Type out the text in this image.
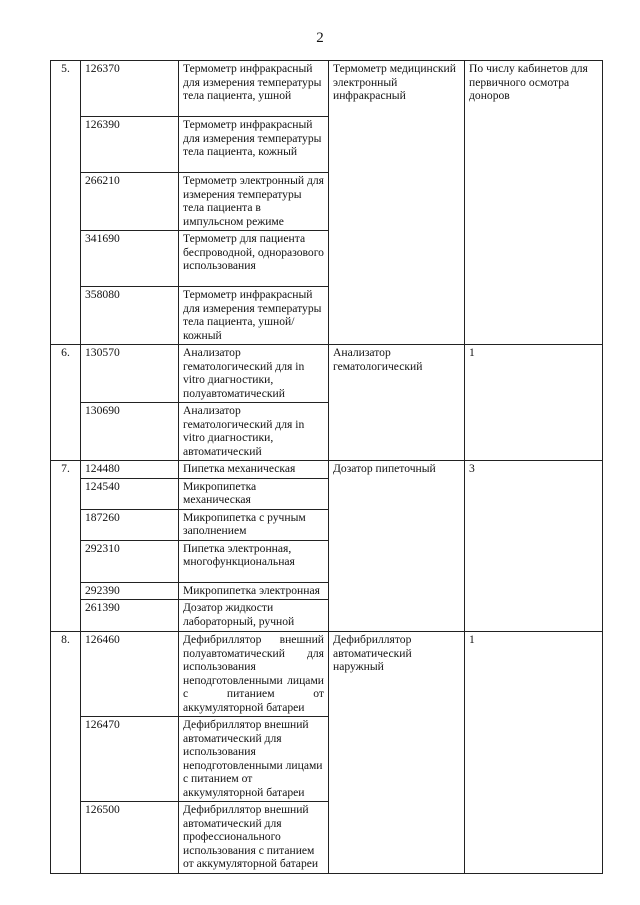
2
5.	126370	Термометр инфракрасный для измерения температуры тела пациента, ушной	Термометр медицинский электронный инфракрасный	По числу кабинетов для первичного осмотра доноров
	126390	Термометр инфракрасный для измерения температуры тела пациента, кожный		
	266210	Термометр электронный для измерения температуры тела пациента в импульсном режиме		
	341690	Термометр для пациента беспроводной, одноразового использования		
	358080	Термометр инфракрасный для измерения температуры тела пациента, ушной/кожный		
6.	130570	Анализатор гематологический для in vitro диагностики, полуавтоматический	Анализатор гематологический	1
	130690	Анализатор гематологический для in vitro диагностики, автоматический		
7.	124480	Пипетка механическая	Дозатор пипеточный	3
	124540	Микропипетка механическая		
	187260	Микропипетка с ручным заполнением		
	292310	Пипетка электронная, многофункциональная		
	292390	Микропипетка электронная		
	261390	Дозатор жидкости лабораторный, ручной		
8.	126460	Дефибриллятор внешний полуавтоматический для использования неподготовленными лицами с питанием от аккумуляторной батареи	Дефибриллятор автоматический наружный	1
	126470	Дефибриллятор внешний автоматический для использования неподготовленными лицами с питанием от аккумуляторной батареи		
	126500	Дефибриллятор внешний автоматический для профессионального использования с питанием от аккумуляторной батареи		
